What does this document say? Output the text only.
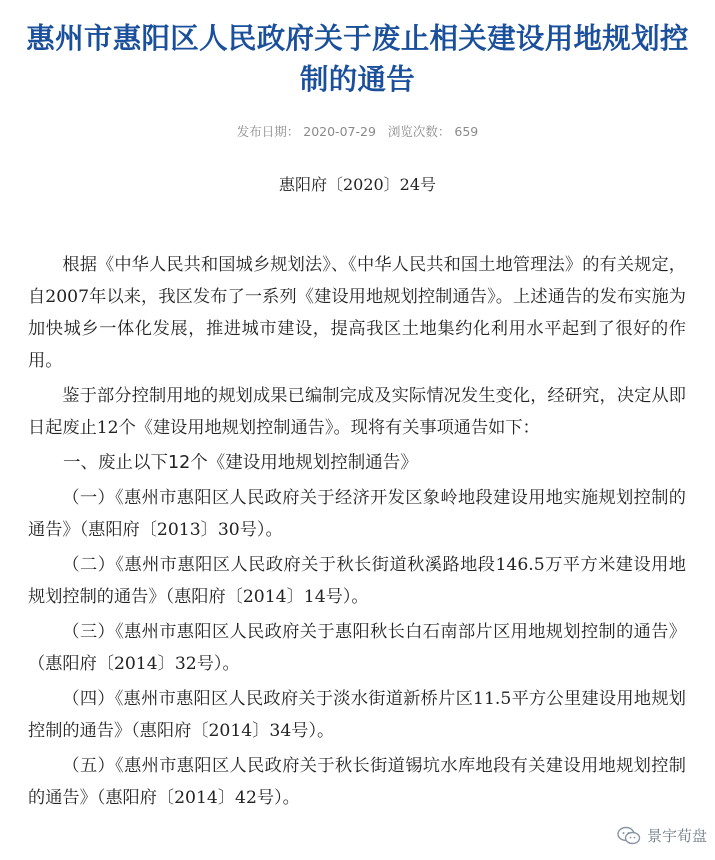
惠州市惠阳区人民政府关于废止相关建设用地规划控制的通告
发布日期： 2020-07-29 浏览次数： 659
惠阳府〔2020〕24号

根据《中华人民共和国城乡规划法》、《中华人民共和国土地管理法》的有关规定，自2007年以来，我区发布了一系列《建设用地规划控制通告》。上述通告的发布实施为加快城乡一体化发展，推进城市建设，提高我区土地集约化利用水平起到了很好的作用。

鉴于部分控制用地的规划成果已编制完成及实际情况发生变化，经研究，决定从即日起废止12个《建设用地规划控制通告》。现将有关事项通告如下：

一、废止以下12个《建设用地规划控制通告》

（一）《惠州市惠阳区人民政府关于经济开发区象岭地段建设用地实施规划控制的通告》（惠阳府〔2013〕30号）。

（二）《惠州市惠阳区人民政府关于秋长街道秋溪路地段146.5万平方米建设用地规划控制的通告》（惠阳府〔2014〕14号）。

（三）《惠州市惠阳区人民政府关于惠阳秋长白石南部片区用地规划控制的通告》（惠阳府〔2014〕32号）。

（四）《惠州市惠阳区人民政府关于淡水街道新桥片区11.5平方公里建设用地规划控制的通告》（惠阳府〔2014〕34号）。

（五）《惠州市惠阳区人民政府关于秋长街道锡坑水库地段有关建设用地规划控制的通告》（惠阳府〔2014〕42号）。

景宇荀盘
